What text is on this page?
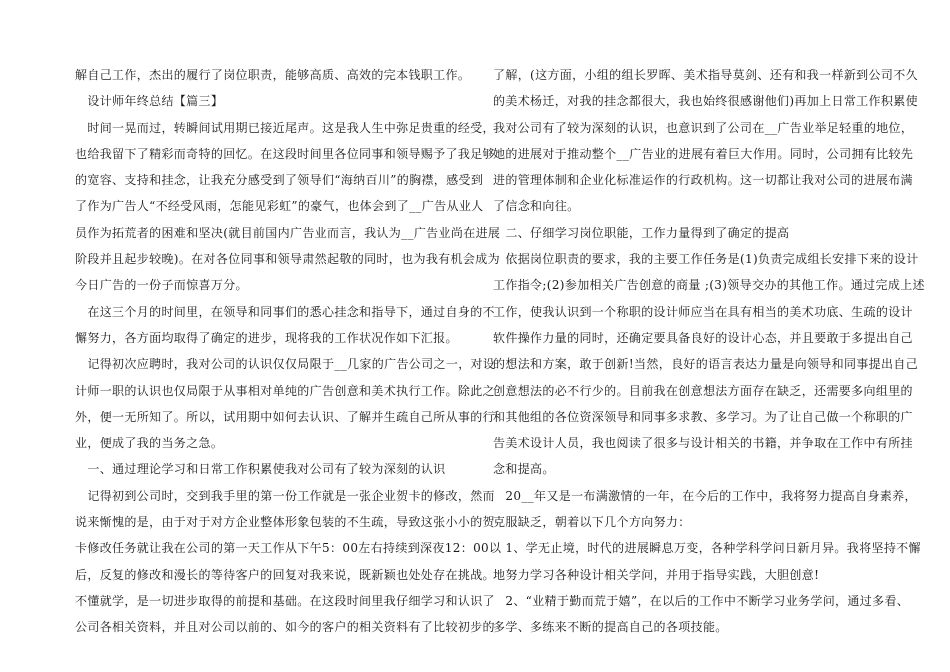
解自己工作，杰出的履行了岗位职责，能够高质、高效的完本钱职工作。
　设计师年终总结【篇三】
　时间一晃而过，转瞬间试用期已接近尾声。这是我人生中弥足贵重的经受，
也给我留下了精彩而奇特的回忆。在这段时间里各位同事和领导赐予了我足够
的宽容、支持和挂念，让我充分感受到了领导们“海纳百川”的胸襟，感受到
了作为广告人“不经受风雨，怎能见彩虹”的豪气，也体会到了__广告从业人
员作为拓荒者的困难和坚决(就目前国内广告业而言，我认为__广告业尚在进展
阶段并且起步较晚)。在对各位同事和领导肃然起敬的同时，也为我有机会成为
今日广告的一份子而惊喜万分。
　在这三个月的时间里，在领导和同事们的悉心挂念和指导下，通过自身的不
懈努力，各方面均取得了确定的进步，现将我的工作状况作如下汇报。
　记得初次应聘时，我对公司的认识仅仅局限于__几家的广告公司之一，对设
计师一职的认识也仅局限于从事相对单纯的广告创意和美术执行工作。除此之
外，便一无所知了。所以，试用期中如何去认识、了解并生疏自己所从事的行
业，便成了我的当务之急。
　一、通过理论学习和日常工作积累使我对公司有了较为深刻的认识
　记得初到公司时，交到我手里的第一份工作就是一张企业贺卡的修改，然而
说来惭愧的是，由于对于对方企业整体形象包装的不生疏，导致这张小小的贺
卡修改任务就让我在公司的第一天工作从下午5：00左右持续到深夜12：00以
后，反复的修改和漫长的等待客户的回复对我来说，既新颖也处处存在挑战。
不懂就学，是一切进步取得的前提和基础。在这段时间里我仔细学习和认识了
公司各相关资料，并且对公司以前的、如今的客户的相关资料有了比较初步的
了解，(这方面，小组的组长罗晖、美术指导莫剑、还有和我一样新到公司不久
的美术杨迁，对我的挂念都很大，我也始终很感谢他们)再加上日常工作积累使
我对公司有了较为深刻的认识，也意识到了公司在__广告业举足轻重的地位，
她的进展对于推动整个__广告业的进展有着巨大作用。同时，公司拥有比较先
进的管理体制和企业化标准运作的行政机构。这一切都让我对公司的进展布满
了信念和向往。
　二、仔细学习岗位职能，工作力量得到了确定的提高
　依据岗位职责的要求，我的主要工作任务是(1)负责完成组长安排下来的设计
工作指令;(2)参加相关广告创意的商量 ;(3)领导交办的其他工作。通过完成上述
工作，使我认识到一个称职的设计师应当在具有相当的美术功底、生疏的设计
软件操作力量的同时，还确定要具备良好的设计心态，并且要敢于多提出自己
的想法和方案，敢于创新!当然，良好的语言表达力量是向领导和同事提出自己
创意想法的必不行少的。目前我在创意想法方面存在缺乏，还需要多向组里的
和其他组的各位资深领导和同事多求教、多学习。为了让自己做一个称职的广
告美术设计人员，我也阅读了很多与设计相关的书籍，并争取在工作中有所挂
念和提高。
　20__年又是一布满激情的一年，在今后的工作中，我将努力提高自身素养，
克服缺乏，朝着以下几个方向努力：
　1、学无止境，时代的进展瞬息万变，各种学科学问日新月异。我将坚持不懈
地努力学习各种设计相关学问，并用于指导实践，大胆创意!
　2、“业精于勤而荒于嬉”，在以后的工作中不断学习业务学问，通过多看、
多学、多练来不断的提高自己的各项技能。
